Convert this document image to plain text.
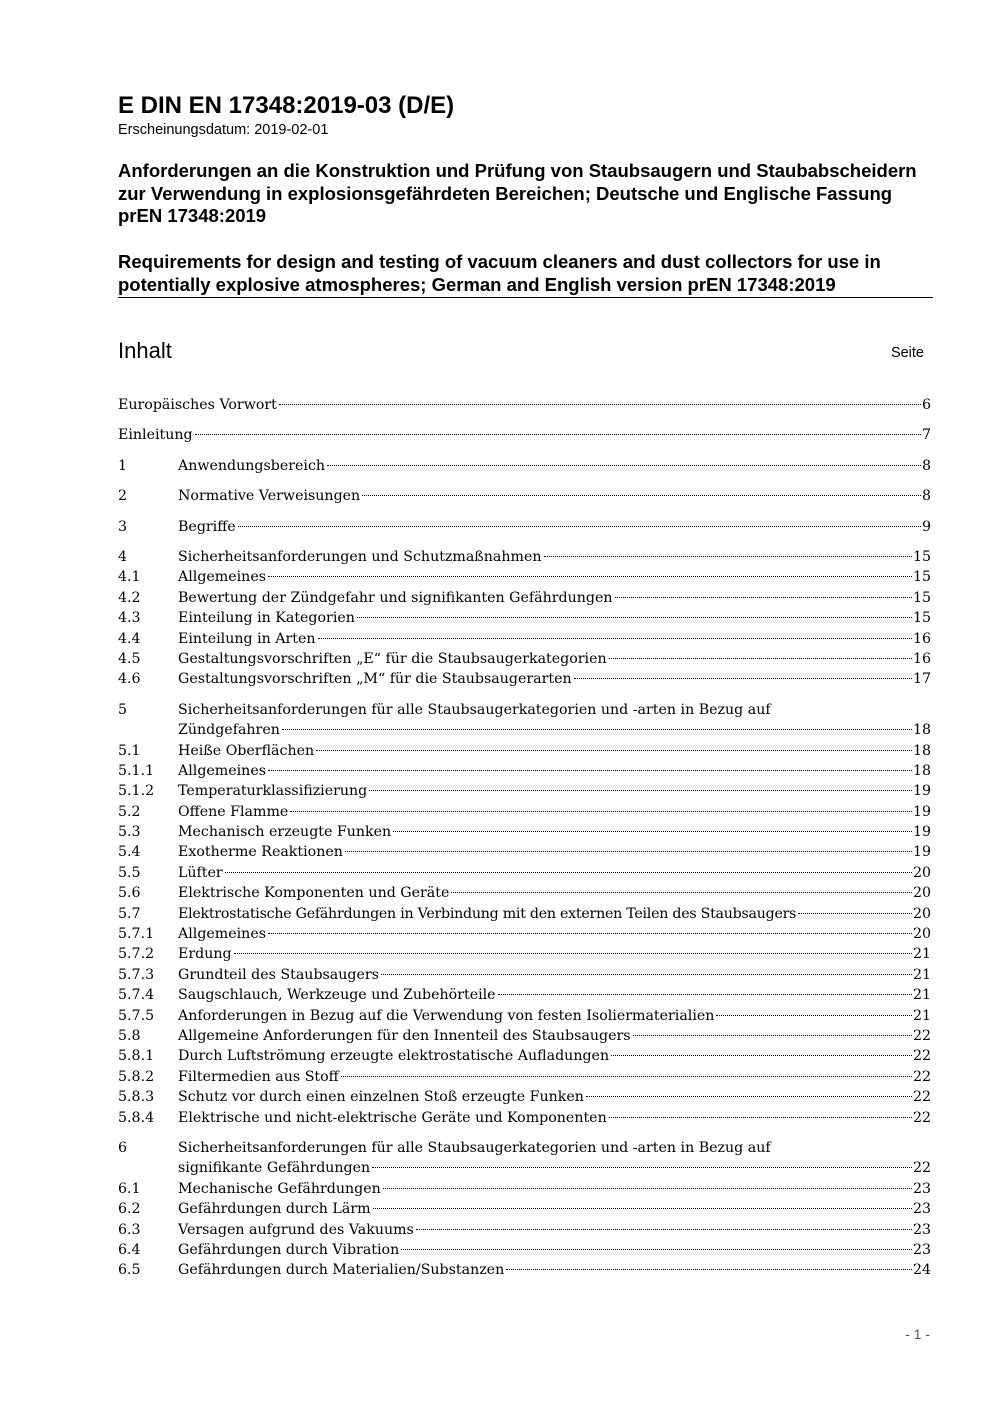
E DIN EN 17348:2019-03 (D/E)
Erscheinungsdatum: 2019-02-01
Anforderungen an die Konstruktion und Prüfung von Staubsaugern und Staubabscheidern zur Verwendung in explosionsgefährdeten Bereichen; Deutsche und Englische Fassung prEN 17348:2019
Requirements for design and testing of vacuum cleaners and dust collectors for use in potentially explosive atmospheres; German and English version prEN 17348:2019
Inhalt	Seite
Europäisches Vorwort	6
Einleitung	7
1	Anwendungsbereich	8
2	Normative Verweisungen	8
3	Begriffe	9
4	Sicherheitsanforderungen und Schutzmaßnahmen	15
4.1	Allgemeines	15
4.2	Bewertung der Zündgefahr und signifikanten Gefährdungen	15
4.3	Einteilung in Kategorien	15
4.4	Einteilung in Arten	16
4.5	Gestaltungsvorschriften „E“ für die Staubsaugerkategorien	16
4.6	Gestaltungsvorschriften „M“ für die Staubsaugerarten	17
5	Sicherheitsanforderungen für alle Staubsaugerkategorien und -arten in Bezug auf
Zündgefahren	18
5.1	Heiße Oberflächen	18
5.1.1	Allgemeines	18
5.1.2	Temperaturklassifizierung	19
5.2	Offene Flamme	19
5.3	Mechanisch erzeugte Funken	19
5.4	Exotherme Reaktionen	19
5.5	Lüfter	20
5.6	Elektrische Komponenten und Geräte	20
5.7	Elektrostatische Gefährdungen in Verbindung mit den externen Teilen des Staubsaugers	20
5.7.1	Allgemeines	20
5.7.2	Erdung	21
5.7.3	Grundteil des Staubsaugers	21
5.7.4	Saugschlauch, Werkzeuge und Zubehörteile	21
5.7.5	Anforderungen in Bezug auf die Verwendung von festen Isoliermaterialien	21
5.8	Allgemeine Anforderungen für den Innenteil des Staubsaugers	22
5.8.1	Durch Luftströmung erzeugte elektrostatische Aufladungen	22
5.8.2	Filtermedien aus Stoff	22
5.8.3	Schutz vor durch einen einzelnen Stoß erzeugte Funken	22
5.8.4	Elektrische und nicht-elektrische Geräte und Komponenten	22
6	Sicherheitsanforderungen für alle Staubsaugerkategorien und -arten in Bezug auf
signifikante Gefährdungen	22
6.1	Mechanische Gefährdungen	23
6.2	Gefährdungen durch Lärm	23
6.3	Versagen aufgrund des Vakuums	23
6.4	Gefährdungen durch Vibration	23
6.5	Gefährdungen durch Materialien/Substanzen	24
- 1 -
